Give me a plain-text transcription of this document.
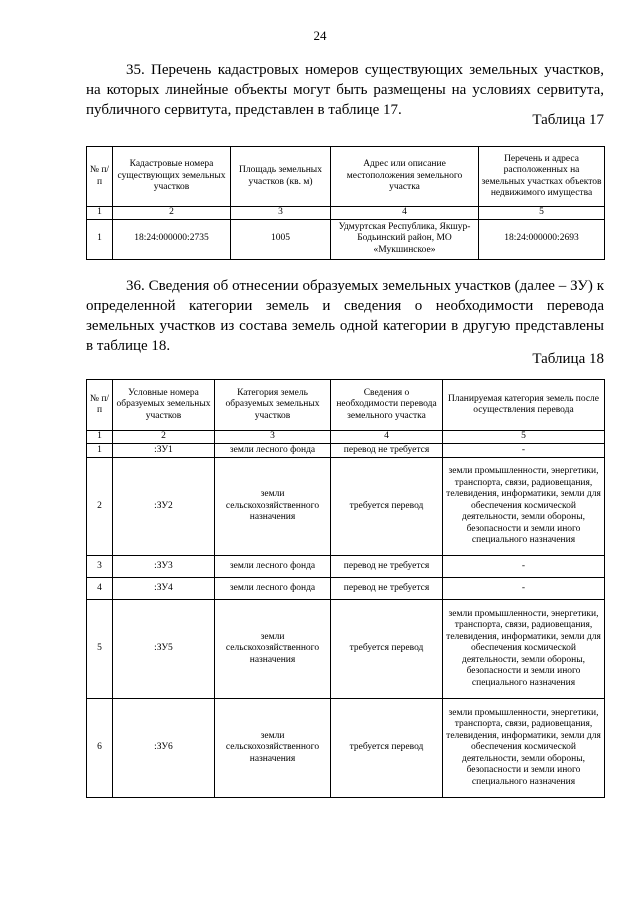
24

35. Перечень кадастровых номеров существующих земельных участков, на которых линейные объекты могут быть размещены на условиях сервитута, публичного сервитута, представлен в таблице 17.

Таблица 17
№ п/п	Кадастровые номера существующих земельных участков	Площадь земельных участков (кв. м)	Адрес или описание местоположения земельного участка	Перечень и адреса расположенных на земельных участках объектов недвижимого имущества
1	2	3	4	5
1	18:24:000000:2735	1005	Удмуртская Республика, Якшур-Бодьинский район, МО «Мукшинское»	18:24:000000:2693

36. Сведения об отнесении образуемых земельных участков (далее – ЗУ) к определенной категории земель и сведения о необходимости перевода земельных участков из состава земель одной категории в другую представлены в таблице 18.

Таблица 18
№ п/п	Условные номера образуемых земельных участков	Категория земель образуемых земельных участков	Сведения о необходимости перевода земельного участка	Планируемая категория земель после осуществления перевода
1	2	3	4	5
1	:ЗУ1	земли лесного фонда	перевод не требуется	-
2	:ЗУ2	земли сельскохозяйственного назначения	требуется перевод	земли промышленности, энергетики, транспорта, связи, радиовещания, телевидения, информатики, земли для обеспечения космической деятельности, земли обороны, безопасности и земли иного специального назначения
3	:ЗУ3	земли лесного фонда	перевод не требуется	-
4	:ЗУ4	земли лесного фонда	перевод не требуется	-
5	:ЗУ5	земли сельскохозяйственного назначения	требуется перевод	земли промышленности, энергетики, транспорта, связи, радиовещания, телевидения, информатики, земли для обеспечения космической деятельности, земли обороны, безопасности и земли иного специального назначения
6	:ЗУ6	земли сельскохозяйственного назначения	требуется перевод	земли промышленности, энергетики, транспорта, связи, радиовещания, телевидения, информатики, земли для обеспечения космической деятельности, земли обороны, безопасности и земли иного специального назначения
